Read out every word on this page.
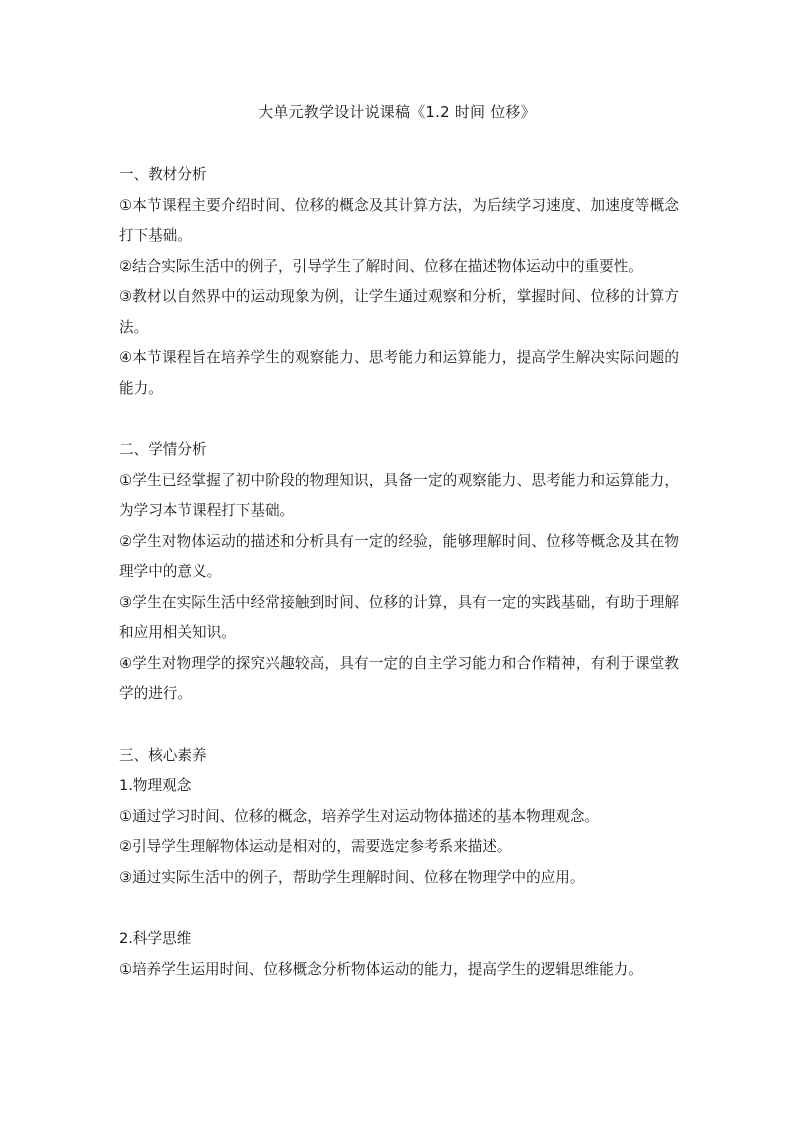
大单元教学设计说课稿《1.2 时间 位移》
一、教材分析
①本节课程主要介绍时间、位移的概念及其计算方法，为后续学习速度、加速度等概念打下基础。
②结合实际生活中的例子，引导学生了解时间、位移在描述物体运动中的重要性。
③教材以自然界中的运动现象为例，让学生通过观察和分析，掌握时间、位移的计算方法。
④本节课程旨在培养学生的观察能力、思考能力和运算能力，提高学生解决实际问题的能力。
二、学情分析
①学生已经掌握了初中阶段的物理知识，具备一定的观察能力、思考能力和运算能力，为学习本节课程打下基础。
②学生对物体运动的描述和分析具有一定的经验，能够理解时间、位移等概念及其在物理学中的意义。
③学生在实际生活中经常接触到时间、位移的计算，具有一定的实践基础，有助于理解和应用相关知识。
④学生对物理学的探究兴趣较高，具有一定的自主学习能力和合作精神，有利于课堂教学的进行。
三、核心素养
1.物理观念
①通过学习时间、位移的概念，培养学生对运动物体描述的基本物理观念。
②引导学生理解物体运动是相对的，需要选定参考系来描述。
③通过实际生活中的例子，帮助学生理解时间、位移在物理学中的应用。
2.科学思维
①培养学生运用时间、位移概念分析物体运动的能力，提高学生的逻辑思维能力。
